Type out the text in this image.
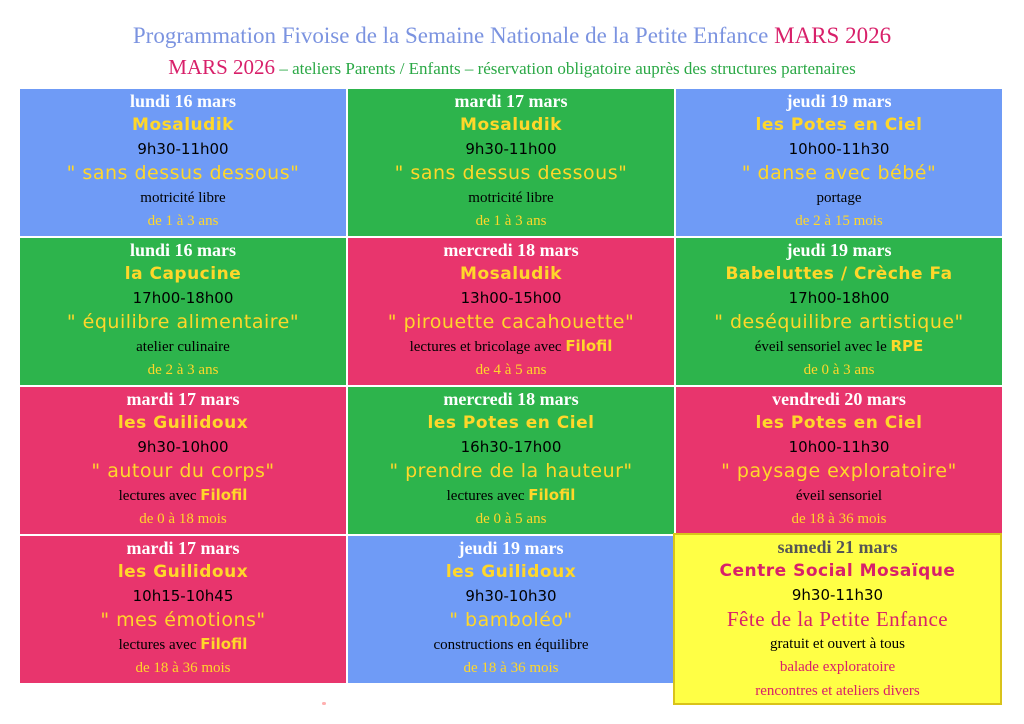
Programmation Fivoise de la Semaine Nationale de la Petite Enfance MARS 2026
MARS 2026 – ateliers Parents / Enfants – réservation obligatoire auprès des structures partenaires
lundi 16 mars
Mosaludik
9h30-11h00
" sans dessus dessous"
motricité libre
de 1 à 3 ans
mardi 17 mars
Mosaludik
9h30-11h00
" sans dessus dessous"
motricité libre
de 1 à 3 ans
jeudi 19 mars
les Potes en Ciel
10h00-11h30
" danse avec bébé"
portage
de 2 à 15 mois
lundi 16 mars
la Capucine
17h00-18h00
" équilibre alimentaire"
atelier culinaire
de 2 à 3 ans
mercredi 18 mars
Mosaludik
13h00-15h00
" pirouette cacahouette"
lectures et bricolage avec Filofil
de 4 à 5 ans
jeudi 19 mars
Babeluttes / Crèche Fa
17h00-18h00
" deséquilibre artistique"
éveil sensoriel avec le RPE
de 0 à 3 ans
mardi 17 mars
les Guilidoux
9h30-10h00
" autour du corps"
lectures avec Filofil
de 0 à 18 mois
mercredi 18 mars
les Potes en Ciel
16h30-17h00
" prendre de la hauteur"
lectures avec Filofil
de 0 à 5 ans
vendredi 20 mars
les Potes en Ciel
10h00-11h30
" paysage exploratoire"
éveil sensoriel
de 18 à 36 mois
mardi 17 mars
les Guilidoux
10h15-10h45
" mes émotions"
lectures avec Filofil
de 18 à 36 mois
jeudi 19 mars
les Guilidoux
9h30-10h30
" bamboléo"
constructions en équilibre
de 18 à 36 mois
samedi 21 mars
Centre Social Mosaïque
9h30-11h30
Fête de la Petite Enfance
gratuit et ouvert à tous
balade exploratoire
rencontres et ateliers divers
